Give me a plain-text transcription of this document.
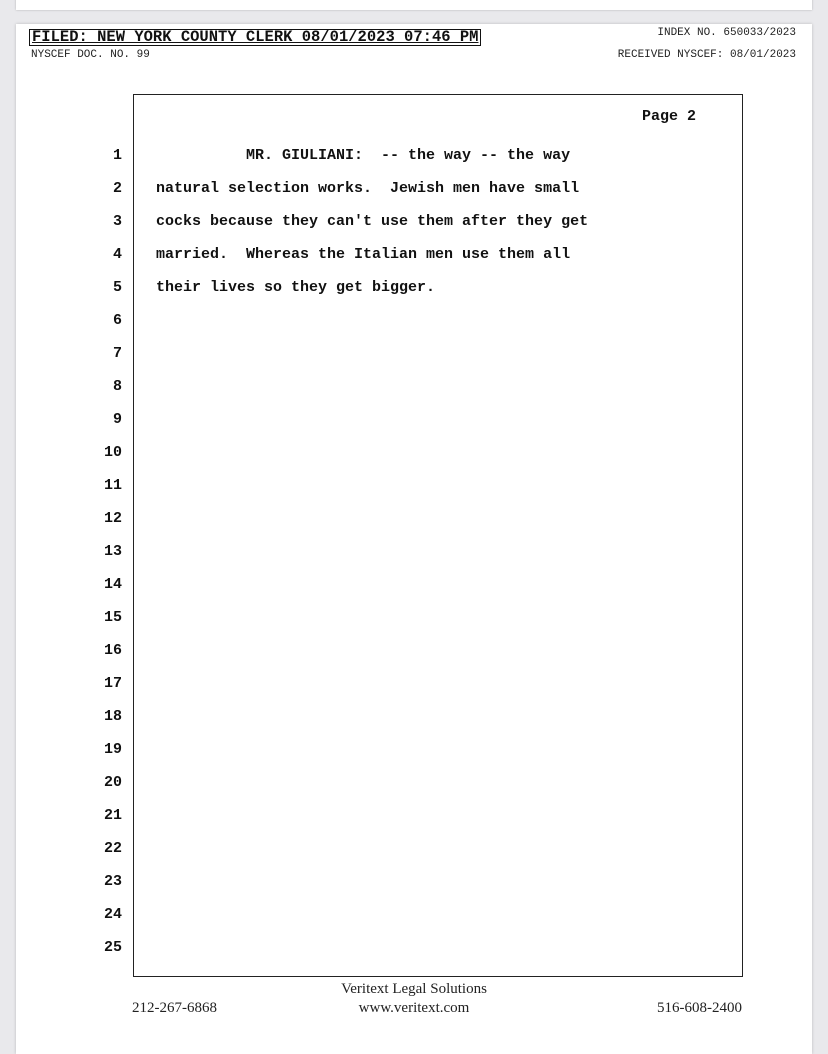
FILED: NEW YORK COUNTY CLERK 08/01/2023 07:46 PM
NYSCEF DOC. NO. 99
INDEX NO. 650033/2023
RECEIVED NYSCEF: 08/01/2023
Page 2
1 MR. GIULIANI:  -- the way -- the way
2 natural selection works.  Jewish men have small
3 cocks because they can't use them after they get
4 married.  Whereas the Italian men use them all
5 their lives so they get bigger.
6
7
8
9
10
11
12
13
14
15
16
17
18
19
20
21
22
23
24
25
Veritext Legal Solutions
212-267-6868	www.veritext.com	516-608-2400
